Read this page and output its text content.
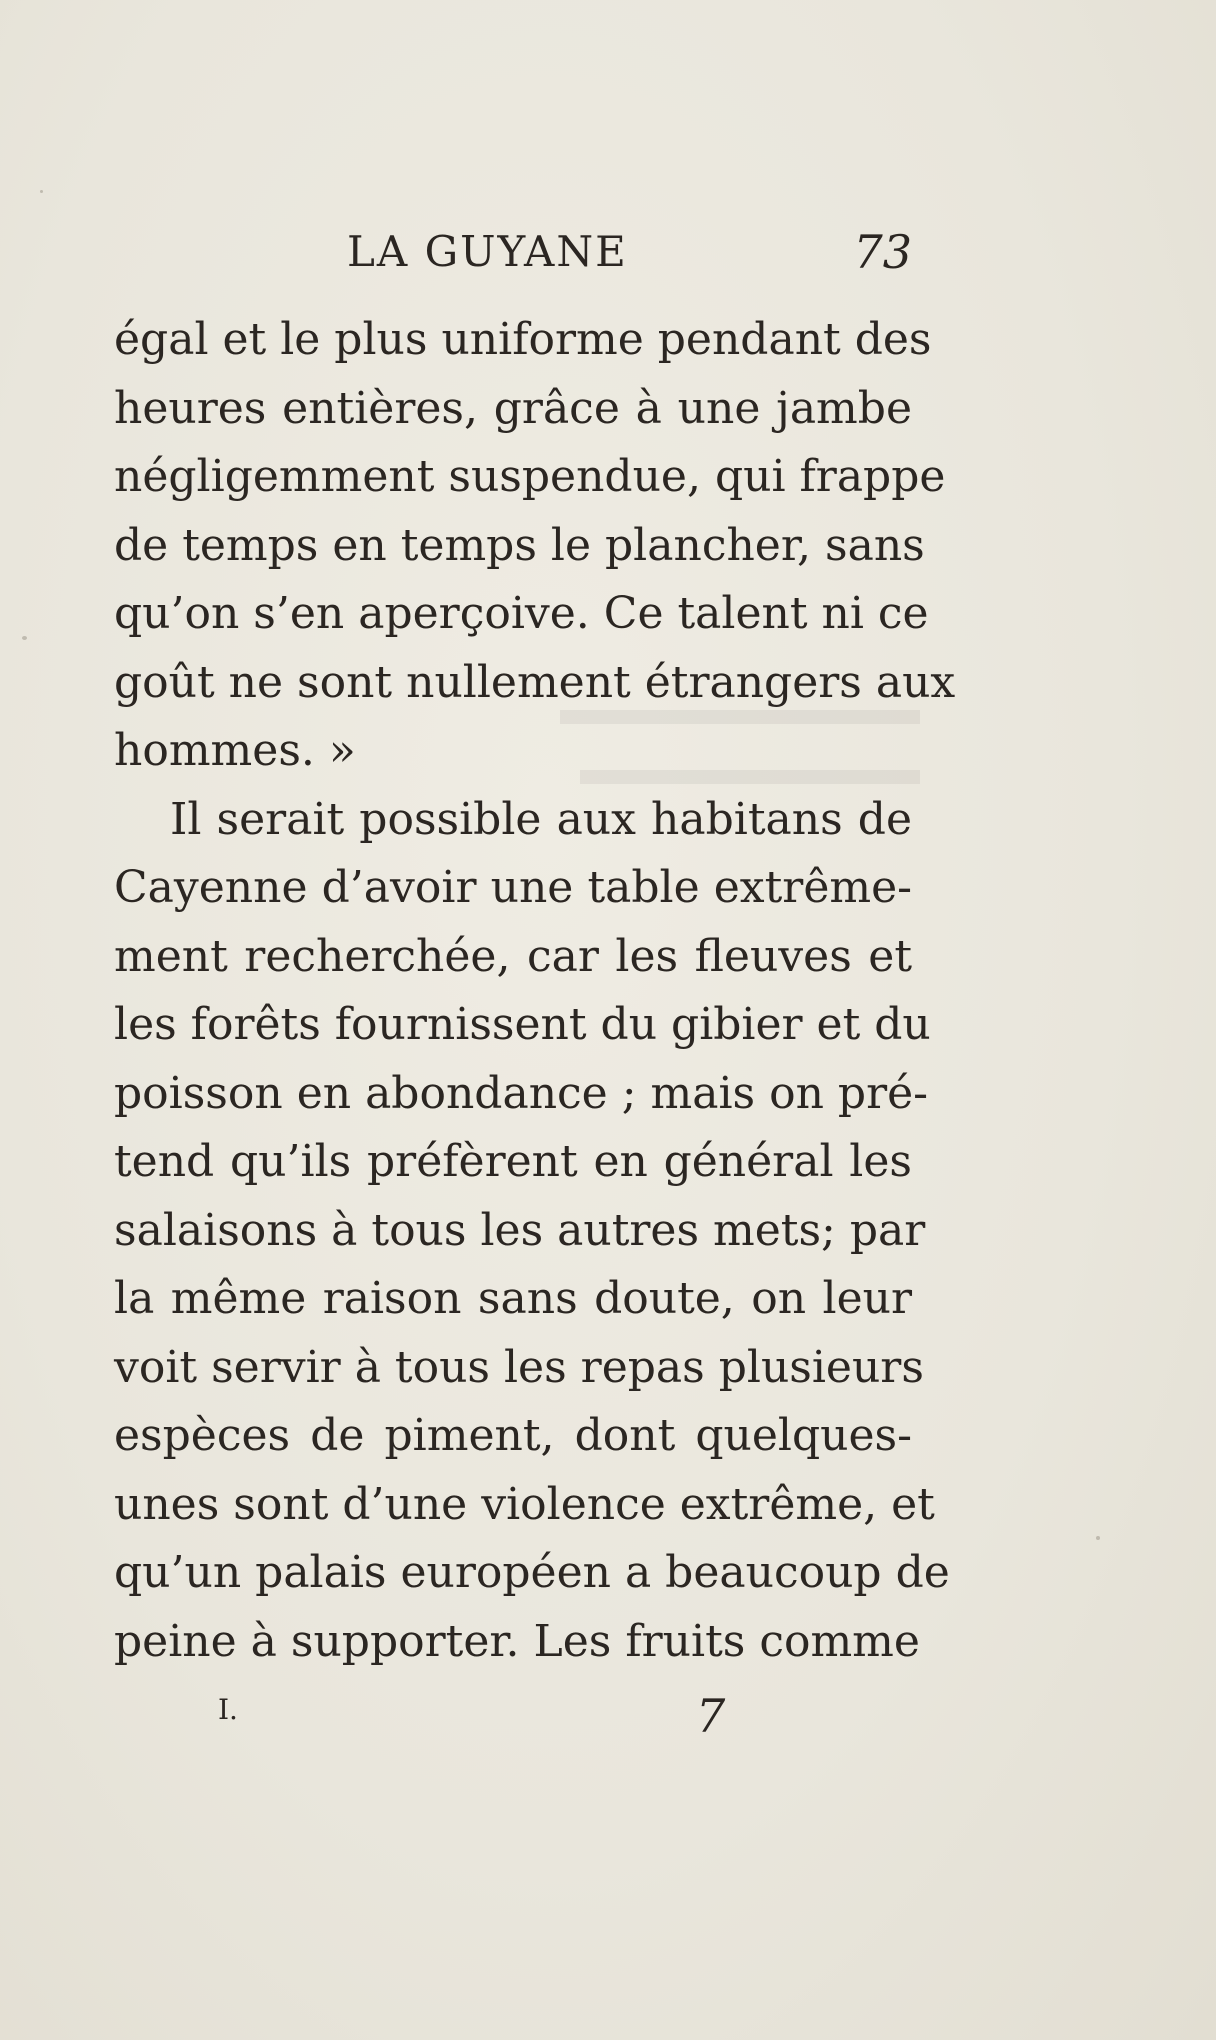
LA GUYANE	73
égal et le plus uniforme pendant des
heures entières, grâce à une jambe
négligemment suspendue, qui frappe
de temps en temps le plancher, sans
qu’on s’en aperçoive. Ce talent ni ce
goût ne sont nullement étrangers aux
hommes. »
Il serait possible aux habitans de
Cayenne d’avoir une table extrême-
ment recherchée, car les fleuves et
les forêts fournissent du gibier et du
poisson en abondance ; mais on pré-
tend qu’ils préfèrent en général les
salaisons à tous les autres mets; par
la même raison sans doute, on leur
voit servir à tous les repas plusieurs
espèces de piment, dont quelques-
unes sont d’une violence extrême, et
qu’un palais européen a beaucoup de
peine à supporter. Les fruits comme
I.	7
